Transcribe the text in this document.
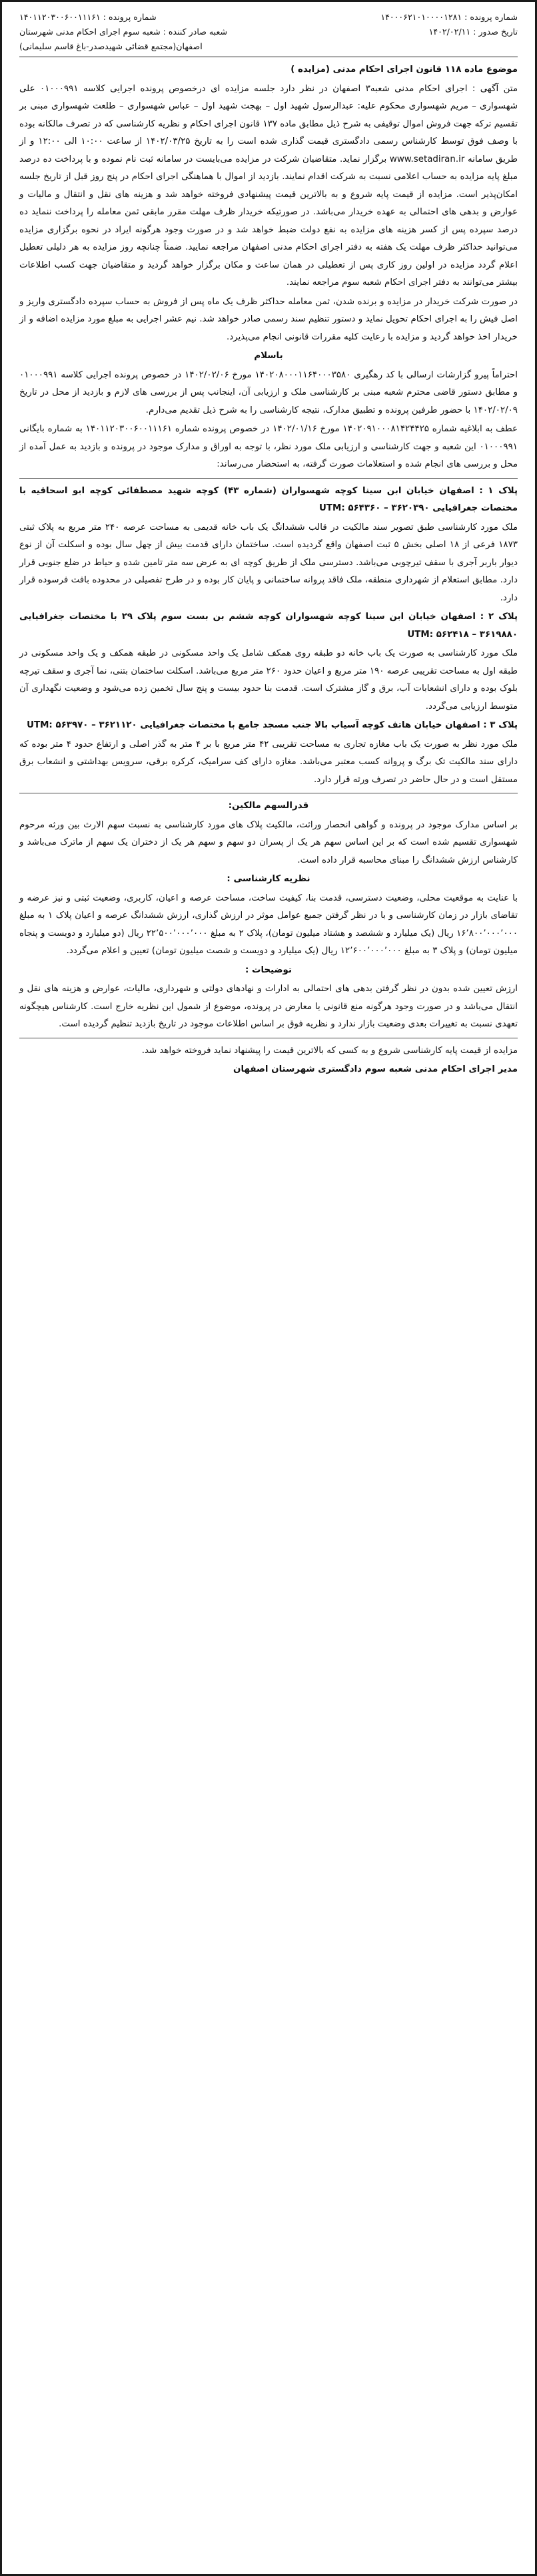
شماره پرونده : ۱۴۰۰۰۶۲۱۰۱۰۰۰۰۱۲۸۱
تاریخ صدور : ۱۴۰۲/۰۲/۱۱
شماره پرونده : ۱۴۰۱۱۲۰۳۰۰۶۰۰۱۱۱۶۱
شعبه صادر کننده : شعبه سوم اجرای احکام مدنی شهرستان اصفهان(مجتمع قضائی شهیدصدر-باغ قاسم سلیمانی)

موضوع ماده ۱۱۸ قانون اجرای احکام مدنی (مزایده )

متن آگهی : اجرای احکام مدنی شعبه۳ اصفهان در نظر دارد جلسه مزایده ای درخصوص پرونده اجرایی کلاسه ۰۱۰۰۰۹۹۱ علی شهسواری – مریم شهسواری محکوم علیه: عبدالرسول شهید اول – بهجت شهید اول – عباس شهسواری – طلعت شهسواری مبنی بر تقسیم ترکه جهت فروش اموال توقیفی به شرح ذیل مطابق ماده ۱۳۷ قانون اجرای احکام و نظریه کارشناسی که در تصرف مالکانه بوده با وصف فوق توسط کارشناس رسمی دادگستری قیمت گذاری شده است را به تاریخ ۱۴۰۲/۰۳/۲۵ از ساعت ۱۰:۰۰ الی ۱۲:۰۰ و از طریق سامانه www.setadiran.ir برگزار نماید. متقاضیان شرکت در مزایده می‌بایست در سامانه ثبت نام نموده و با پرداخت ده درصد مبلغ پایه مزایده به حساب اعلامی نسبت به شرکت اقدام نمایند. بازدید از اموال با هماهنگی اجرای احکام در پنج روز قبل از تاریخ جلسه امکان‌پذیر است. مزایده از قیمت پایه شروع و به بالاترین قیمت پیشنهادی فروخته خواهد شد و هزینه های نقل و انتقال و مالیات و عوارض و بدهی های احتمالی به عهده خریدار می‌باشد. در صورتیکه خریدار ظرف مهلت مقرر مابقی ثمن معامله را پرداخت ننماید ده درصد سپرده پس از کسر هزینه های مزایده به نفع دولت ضبط خواهد شد و در صورت وجود هرگونه ایراد در نحوه برگزاری مزایده می‌توانید حداکثر ظرف مهلت یک هفته به دفتر اجرای احکام مدنی اصفهان مراجعه نمایید. ضمناً چنانچه روز مزایده به هر دلیلی تعطیل اعلام گردد مزایده در اولین روز کاری پس از تعطیلی در همان ساعت و مکان برگزار خواهد گردید و متقاضیان جهت کسب اطلاعات بیشتر می‌توانند به دفتر اجرای احکام شعبه سوم مراجعه نمایند.

در صورت شرکت خریدار در مزایده و برنده شدن، ثمن معامله حداکثر ظرف یک ماه پس از فروش به حساب سپرده دادگستری واریز و اصل فیش را به اجرای احکام تحویل نماید و دستور تنظیم سند رسمی صادر خواهد شد. نیم عشر اجرایی به مبلغ مورد مزایده اضافه و از خریدار اخذ خواهد گردید و مزایده با رعایت کلیه مقررات قانونی انجام می‌پذیرد.

باسلام

احتراماً پیرو گزارشات ارسالی با کد رهگیری ۱۴۰۲۰۸۰۰۰۱۱۶۴۰۰۰۳۵۸۰ مورخ ۱۴۰۲/۰۲/۰۶ در خصوص پرونده اجرایی کلاسه ۰۱۰۰۰۹۹۱ و مطابق دستور قاضی محترم شعبه مبنی بر کارشناسی ملک و ارزیابی آن، اینجانب پس از بررسی های لازم و بازدید از محل در تاریخ ۱۴۰۲/۰۲/۰۹ با حضور طرفین پرونده و تطبیق مدارک، نتیجه کارشناسی را به شرح ذیل تقدیم می‌دارم.

عطف به ابلاغیه شماره ۱۴۰۲۰۹۱۰۰۰۸۱۴۲۴۴۲۵ مورخ ۱۴۰۲/۰۱/۱۶ در خصوص پرونده شماره ۱۴۰۱۱۲۰۳۰۰۶۰۰۱۱۱۶۱ به شماره بایگانی ۰۱۰۰۰۹۹۱ این شعبه و جهت کارشناسی و ارزیابی ملک مورد نظر، با توجه به اوراق و مدارک موجود در پرونده و بازدید به عمل آمده از محل و بررسی های انجام شده و استعلامات صورت گرفته، به استحضار می‌رساند:

پلاک ۱ : اصفهان خیابان ابن سینا کوچه شهسواران (شماره ۴۳) کوچه شهید مصطفائی کوچه ابو اسحاقیه با مختصات جغرافیایی UTM: ۵۶۴۳۶۰ – ۳۶۲۰۳۹۰

ملک مورد کارشناسی طبق تصویر سند مالکیت در قالب ششدانگ یک باب خانه قدیمی به مساحت عرصه ۲۴۰ متر مربع به پلاک ثبتی ۱۸۷۳ فرعی از ۱۸ اصلی بخش ۵ ثبت اصفهان واقع گردیده است. ساختمان دارای قدمت بیش از چهل سال بوده و اسکلت آن از نوع دیوار باربر آجری با سقف تیرچوبی می‌باشد. دسترسی ملک از طریق کوچه ای به عرض سه متر تامین شده و حیاط در ضلع جنوبی قرار دارد. مطابق استعلام از شهرداری منطقه، ملک فاقد پروانه ساختمانی و پایان کار بوده و در طرح تفصیلی در محدوده بافت فرسوده قرار دارد.

پلاک ۲ : اصفهان خیابان ابن سینا کوچه شهسواران کوچه ششم بن بست سوم پلاک ۲۹ با مختصات جغرافیایی UTM: ۵۶۲۴۱۸ – ۳۶۱۹۸۸۰

ملک مورد کارشناسی به صورت یک باب خانه دو طبقه روی همکف شامل یک واحد مسکونی در طبقه همکف و یک واحد مسکونی در طبقه اول به مساحت تقریبی عرصه ۱۹۰ متر مربع و اعیان حدود ۲۶۰ متر مربع می‌باشد. اسکلت ساختمان بتنی، نما آجری و سقف تیرچه بلوک بوده و دارای انشعابات آب، برق و گاز مشترک است. قدمت بنا حدود بیست و پنج سال تخمین زده می‌شود و وضعیت نگهداری آن متوسط ارزیابی می‌گردد.

پلاک ۳ : اصفهان خیابان هاتف کوچه آسیاب بالا جنب مسجد جامع با مختصات جغرافیایی UTM: ۵۶۳۹۷۰ – ۳۶۲۱۱۲۰

ملک مورد نظر به صورت یک باب مغازه تجاری به مساحت تقریبی ۴۲ متر مربع با بر ۴ متر به گذر اصلی و ارتفاع حدود ۴ متر بوده که دارای سند مالکیت تک برگ و پروانه کسب معتبر می‌باشد. مغازه دارای کف سرامیک، کرکره برقی، سرویس بهداشتی و انشعاب برق مستقل است و در حال حاضر در تصرف ورثه قرار دارد.

قدرالسهم مالکین:

بر اساس مدارک موجود در پرونده و گواهی انحصار وراثت، مالکیت پلاک های مورد کارشناسی به نسبت سهم الارث بین ورثه مرحوم شهسواری تقسیم شده است که بر این اساس سهم هر یک از پسران دو سهم و سهم هر یک از دختران یک سهم از ماترک می‌باشد و کارشناس ارزش ششدانگ را مبنای محاسبه قرار داده است.

نظریه کارشناسی :

با عنایت به موقعیت محلی، وضعیت دسترسی، قدمت بنا، کیفیت ساخت، مساحت عرصه و اعیان، کاربری، وضعیت ثبتی و نیز عرضه و تقاضای بازار در زمان کارشناسی و با در نظر گرفتن جمیع عوامل موثر در ارزش گذاری، ارزش ششدانگ عرصه و اعیان پلاک ۱ به مبلغ ۱۶٬۸۰۰٬۰۰۰٬۰۰۰ ریال (یک میلیارد و ششصد و هشتاد میلیون تومان)، پلاک ۲ به مبلغ ۲۲٬۵۰۰٬۰۰۰٬۰۰۰ ریال (دو میلیارد و دویست و پنجاه میلیون تومان) و پلاک ۳ به مبلغ ۱۲٬۶۰۰٬۰۰۰٬۰۰۰ ریال (یک میلیارد و دویست و شصت میلیون تومان) تعیین و اعلام می‌گردد.

توضیحات :

ارزش تعیین شده بدون در نظر گرفتن بدهی های احتمالی به ادارات و نهادهای دولتی و شهرداری، مالیات، عوارض و هزینه های نقل و انتقال می‌باشد و در صورت وجود هرگونه منع قانونی یا معارض در پرونده، موضوع از شمول این نظریه خارج است. کارشناس هیچگونه تعهدی نسبت به تغییرات بعدی وضعیت بازار ندارد و نظریه فوق بر اساس اطلاعات موجود در تاریخ بازدید تنظیم گردیده است.

مزایده از قیمت پایه کارشناسی شروع و به کسی که بالاترین قیمت را پیشنهاد نماید فروخته خواهد شد.

مدیر اجرای احکام مدنی شعبه سوم دادگستری شهرستان اصفهان
